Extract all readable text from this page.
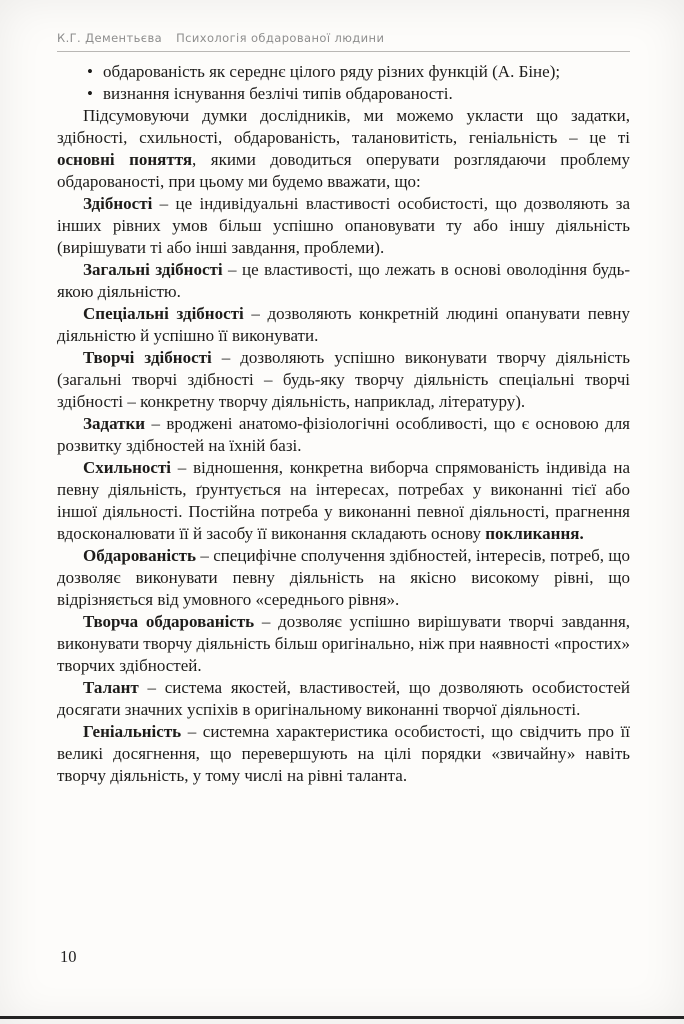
К.Г. Дементьєва Психологія обдарованої людини
• обдарованість як середнє цілого ряду різних функцій (А. Біне);
• визнання існування безлічі типів обдарованості.

Підсумовуючи думки дослідників, ми можемо укласти що задатки, здібності, схильності, обдарованість, талановитість, геніальність – це ті основні поняття, якими доводиться оперувати розглядаючи проблему обдарованості, при цьому ми будемо вважати, що:

Здібності – це індивідуальні властивості особистості, що дозволяють за інших рівних умов більш успішно опановувати ту або іншу діяльність (вирішувати ті або інші завдання, проблеми).

Загальні здібності – це властивості, що лежать в основі оволодіння будь-якою діяльністю.

Спеціальні здібності – дозволяють конкретній людині опанувати певну діяльністю й успішно її виконувати.

Творчі здібності – дозволяють успішно виконувати творчу діяльність (загальні творчі здібності – будь-яку творчу діяльність спеціальні творчі здібності – конкретну творчу діяльність, наприклад, літературу).

Задатки – вроджені анатомо-фізіологічні особливості, що є основою для розвитку здібностей на їхній базі.

Схильності – відношення, конкретна виборча спрямованість індивіда на певну діяльність, ґрунтується на інтересах, потребах у виконанні тієї або іншої діяльності. Постійна потреба у виконанні певної діяльності, прагнення вдосконалювати її й засобу її виконання складають основу покликання.

Обдарованість – специфічне сполучення здібностей, інтересів, потреб, що дозволяє виконувати певну діяльність на якісно високому рівні, що відрізняється від умовного «середнього рівня».

Творча обдарованість – дозволяє успішно вирішувати творчі завдання, виконувати творчу діяльність більш оригінально, ніж при наявності «простих» творчих здібностей.

Талант – система якостей, властивостей, що дозволяють особистостей досягати значних успіхів в оригінальному виконанні творчої діяльності.

Геніальність – системна характеристика особистості, що свідчить про її великі досягнення, що перевершують на цілі порядки «звичайну» навіть творчу діяльність, у тому числі на рівні таланта.

10
